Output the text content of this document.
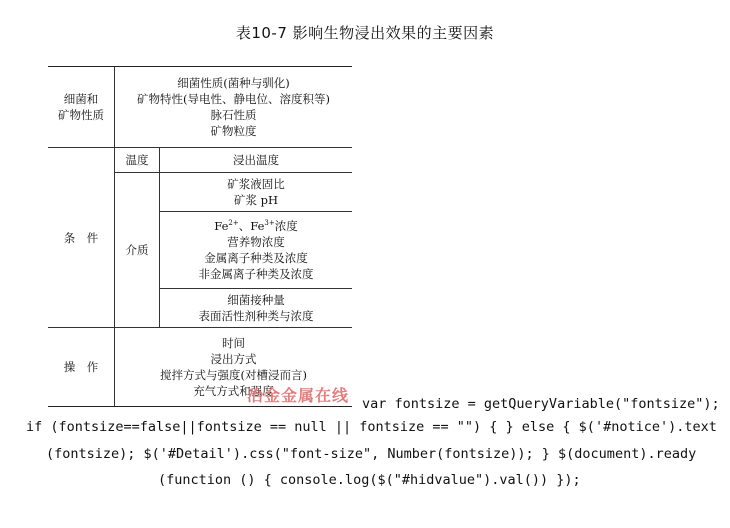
表10-7 影响生物浸出效果的主要因素
细菌和
矿物性质	细菌性质(菌种与驯化)
矿物特性(导电性、静电位、溶度积等)
脉石性质
矿物粒度	

条　件	温度	浸出温度
	介质	矿浆液固比
矿浆 pH

		$Fe^{2+}$、$Fe^{3+}$浓度
营养物浓度
金属离子种类及浓度
非金属离子种类及浓度

		细菌接种量
表面活性剂种类与浓度

操　作	时间
浸出方式
搅拌方式与强度(对槽浸而言)
充气方式和强度	
冶金金属在线 var fontsize = getQueryVariable("fontsize");
if (fontsize==false||fontsize == null || fontsize == "") { } else { $('#notice').text
(fontsize); $('#Detail').css("font-size", Number(fontsize)); } $(document).ready
(function () { console.log($("#hidvalue").val()) });
